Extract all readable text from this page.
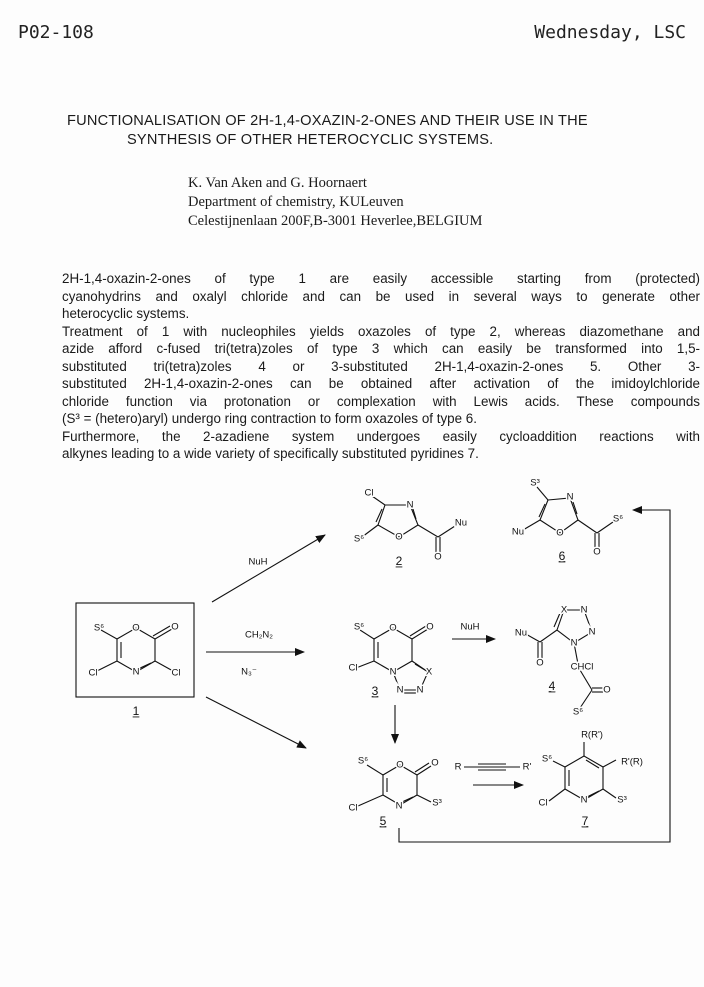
P02-108	Wednesday, LSC
FUNCTIONALISATION OF 2H-1,4-OXAZIN-2-ONES AND THEIR USE IN THE
SYNTHESIS OF OTHER HETEROCYCLIC SYSTEMS.
K. Van Aken and G. Hoornaert
Department of chemistry, KULeuven
Celestijnenlaan 200F,B-3001 Heverlee,BELGIUM
2H-1,4-oxazin-2-ones of type 1 are easily accessible starting from (protected)
cyanohydrins and oxalyl chloride and can be used in several ways to generate other
heterocyclic systems.
Treatment of 1 with nucleophiles yields oxazoles of type 2, whereas diazomethane and
azide afford c-fused tri(tetra)zoles of type 3 which can easily be transformed into 1,5-
substituted tri(tetra)zoles 4 or 3-substituted 2H-1,4-oxazin-2-ones 5. Other 3-
substituted 2H-1,4-oxazin-2-ones can be obtained after activation of the imidoylchloride
chloride function via protonation or complexation with Lewis acids. These compounds
(S³ = (hetero)aryl) undergo ring contraction to form oxazoles of type 6.
Furthermore, the 2-azadiene system undergoes easily cycloaddition reactions with
alkynes leading to a wide variety of specifically substituted pyridines 7.
NuH
CH₂N₂
N₃⁻
NuH
R	R'
S⁶	O	O
Cl	N	Cl
1
Cl
N
S⁶	O
Nu
O
2
S³
N
Nu	O
S⁶
O
6
S⁶	O	O
Cl	N	X
N N
3
X N
N
N
Nu
O	CHCl
O
S⁶
4
S⁶	O	O
Cl	N	S³
5
R(R')
S⁶	R'(R)
Cl	N	S³
7
